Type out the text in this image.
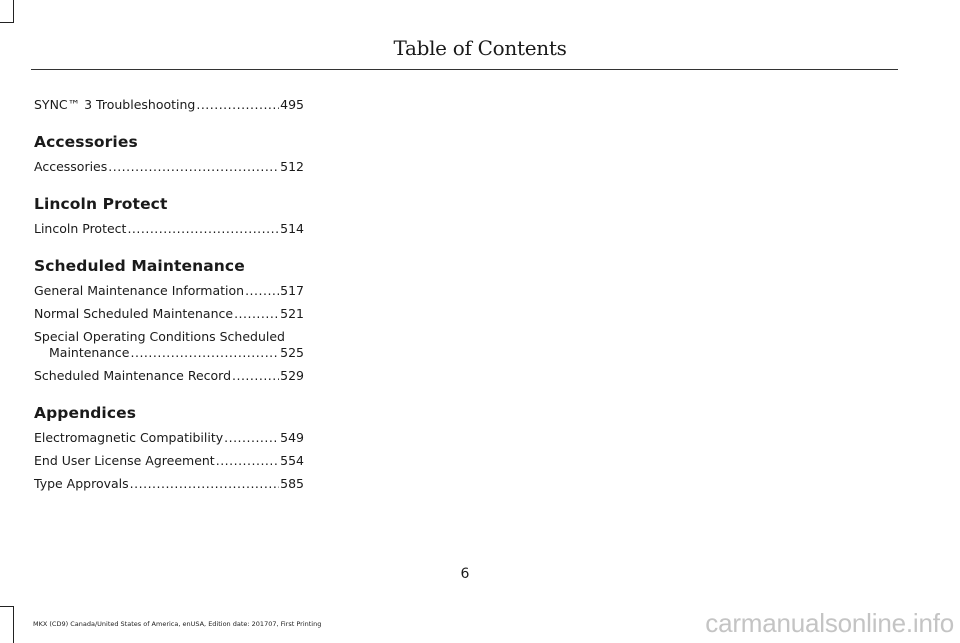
Table of Contents
SYNC™ 3 Troubleshooting .....	495
Accessories
Accessories .....	512
Lincoln Protect
Lincoln Protect .....	514
Scheduled Maintenance
General Maintenance Information .....	517
Normal Scheduled Maintenance .....	521
Special Operating Conditions Scheduled
Maintenance .....	525
Scheduled Maintenance Record .....	529
Appendices
Electromagnetic Compatibility .....	549
End User License Agreement .....	554
Type Approvals .....	585
6
MKX (CD9) Canada/United States of America, enUSA, Edition date: 201707, First Printing	carmanualsonline.info
